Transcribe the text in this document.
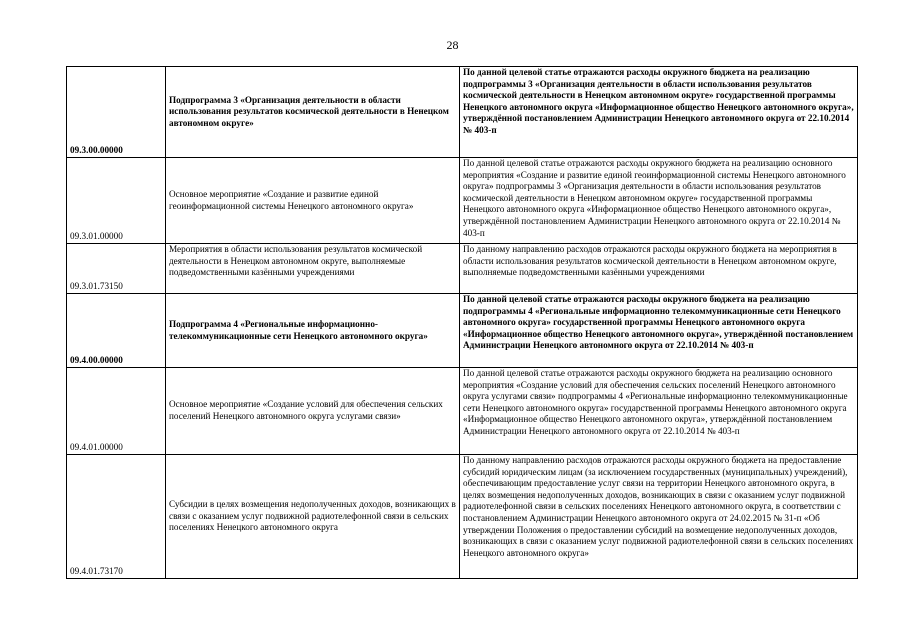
28
09.3.00.00000	Подпрограмма 3 «Организация деятельности в области использования результатов космической деятельности в Ненецком автономном округе»	По данной целевой статье отражаются расходы окружного бюджета на реализацию подпрограммы 3 «Организация деятельности в области использования результатов космической деятельности в Ненецком автономном округе» государственной программы Ненецкого автономного округа «Информационное общество Ненецкого автономного округа», утверждённой постановлением Администрации Ненецкого автономного округа от 22.10.2014 № 403-п
09.3.01.00000	Основное мероприятие «Создание и развитие единой геоинформационной системы Ненецкого автономного округа»	По данной целевой статье отражаются расходы окружного бюджета на реализацию основного мероприятия «Создание и развитие единой геоинформационной системы Ненецкого автономного округа» подпрограммы 3 «Организация деятельности в области использования результатов космической деятельности в Ненецком автономном округе» государственной программы Ненецкого автономного округа «Информационное общество Ненецкого автономного округа», утверждённой постановлением Администрации Ненецкого автономного округа от 22.10.2014 № 403-п
09.3.01.73150	Мероприятия в области использования результатов космической деятельности в Ненецком автономном округе, выполняемые подведомственными казёнными учреждениями	По данному направлению расходов отражаются расходы окружного бюджета на мероприятия в области использования результатов космической деятельности в Ненецком автономном округе, выполняемые подведомственными казёнными учреждениями
09.4.00.00000	Подпрограмма 4 «Региональные информационно-телекоммуникационные сети Ненецкого автономного округа»	По данной целевой статье отражаются расходы окружного бюджета на реализацию подпрограммы 4 «Региональные информационно телекоммуникационные сети Ненецкого автономного округа» государственной программы Ненецкого автономного округа «Информационное общество Ненецкого автономного округа», утверждённой постановлением Администрации Ненецкого автономного округа от 22.10.2014 № 403-п
09.4.01.00000	Основное мероприятие «Создание условий для обеспечения сельских поселений Ненецкого автономного округа услугами связи»	По данной целевой статье отражаются расходы окружного бюджета на реализацию основного мероприятия «Создание условий для обеспечения сельских поселений Ненецкого автономного округа услугами связи» подпрограммы 4 «Региональные информационно телекоммуникационные сети Ненецкого автономного округа» государственной программы Ненецкого автономного округа «Информационное общество Ненецкого автономного округа», утверждённой постановлением Администрации Ненецкого автономного округа от 22.10.2014 № 403-п
09.4.01.73170	Субсидии в целях возмещения недополученных доходов, возникающих в связи с оказанием услуг подвижной радиотелефонной связи в сельских поселениях Ненецкого автономного округа	По данному направлению расходов отражаются расходы окружного бюджета на предоставление субсидий юридическим лицам (за исключением государственных (муниципальных) учреждений), обеспечивающим предоставление услуг связи на территории Ненецкого автономного округа, в целях возмещения недополученных доходов, возникающих в связи с оказанием услуг подвижной радиотелефонной связи в сельских поселениях Ненецкого автономного округа, в соответствии с постановлением Администрации Ненецкого автономного округа от 24.02.2015 № 31-п «Об утверждении Положения о предоставлении субсидий на возмещение недополученных доходов, возникающих в связи с оказанием услуг подвижной радиотелефонной связи в сельских поселениях Ненецкого автономного округа»
